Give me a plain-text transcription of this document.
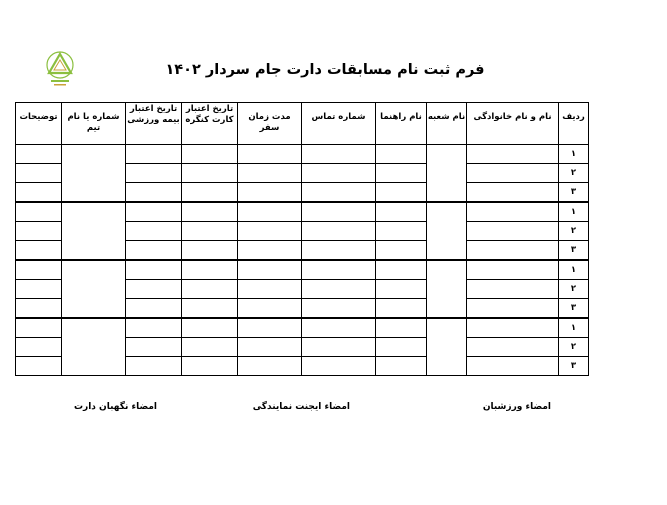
فرم ثبت نام مسابقات دارت جام سردار ۱۴۰۲
ردیف	نام و نام خانوادگی	نام شعبه	نام راهنما	شماره تماس	مدت زمان سفر	تاریخ اعتبار کارت کنگره	تاریخ اعتبار بیمه ورزشی	شماره یا نام تیم	توضیحات
۱									
۲									
۳									
۱									
۲									
۳									
۱									
۲									
۳									
۱									
۲									
۳									
امضاء ورزشبان
امضاء ایجنت نمایندگی
امضاء نگهبان دارت
